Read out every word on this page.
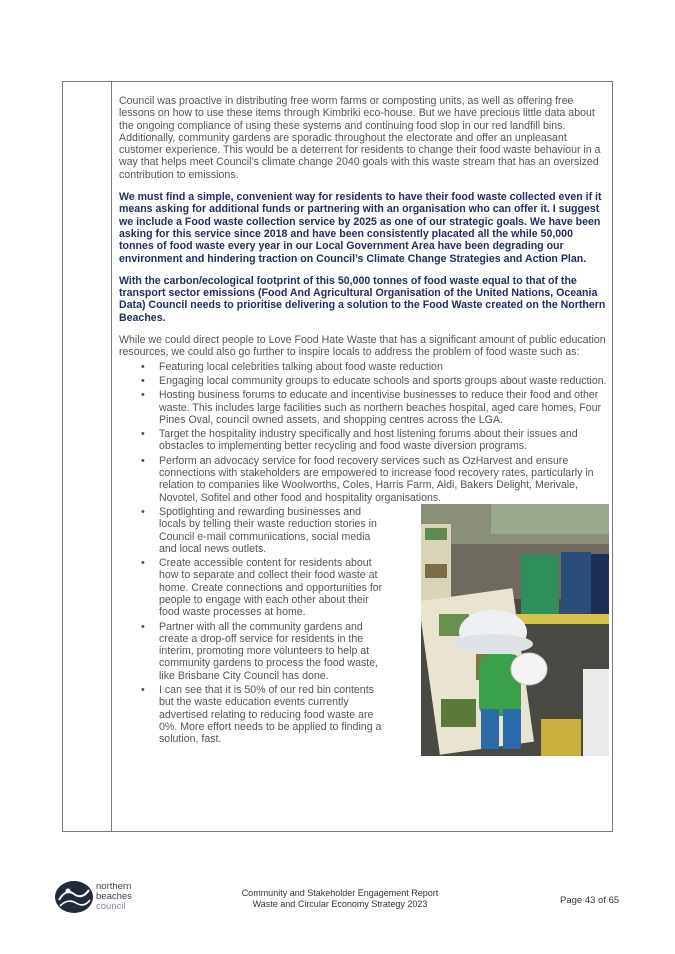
Council was proactive in distributing free worm farms or composting units, as well as offering free lessons on how to use these items through Kimbriki eco-house. But we have precious little data about the ongoing compliance of using these systems and continuing food slop in our red landfill bins. Additionally, community gardens are sporadic throughout the electorate and offer an unpleasant customer experience. This would be a deterrent for residents to change their food waste behaviour in a way that helps meet Council’s climate change 2040 goals with this waste stream that has an oversized contribution to emissions.

We must find a simple, convenient way for residents to have their food waste collected even if it means asking for additional funds or partnering with an organisation who can offer it. I suggest we include a Food waste collection service by 2025 as one of our strategic goals. We have been asking for this service since 2018 and have been consistently placated all the while 50,000 tonnes of food waste every year in our Local Government Area have been degrading our environment and hindering traction on Council’s Climate Change Strategies and Action Plan.

With the carbon/ecological footprint of this 50,000 tonnes of food waste equal to that of the transport sector emissions (Food And Agricultural Organisation of the United Nations, Oceania Data) Council needs to prioritise delivering a solution to the Food Waste created on the Northern Beaches.

While we could direct people to Love Food Hate Waste that has a significant amount of public education resources, we could also go further to inspire locals to address the problem of food waste such as:

• Featuring local celebrities talking about food waste reduction
• Engaging local community groups to educate schools and sports groups about waste reduction.
• Hosting business forums to educate and incentivise businesses to reduce their food and other waste. This includes large facilities such as northern beaches hospital, aged care homes, Four Pines Oval, council owned assets, and shopping centres across the LGA.
• Target the hospitality industry specifically and host listening forums about their issues and obstacles to implementing better recycling and food waste diversion programs.
• Perform an advocacy service for food recovery services such as OzHarvest and ensure connections with stakeholders are empowered to increase food recovery rates, particularly in relation to companies like Woolworths, Coles, Harris Farm, Aldi, Bakers Delight, Merivale, Novotel, Sofitel and other food and hospitality organisations.
• Spotlighting and rewarding businesses and locals by telling their waste reduction stories in Council e-mail communications, social media and local news outlets.
• Create accessible content for residents about how to separate and collect their food waste at home. Create connections and opportunities for people to engage with each other about their food waste processes at home.
• Partner with all the community gardens and create a drop-off service for residents in the interim, promoting more volunteers to help at community gardens to process the food waste, like Brisbane City Council has done.
• I can see that it is 50% of our red bin contents but the waste education events currently advertised relating to reducing food waste are 0%. More effort needs to be applied to finding a solution, fast.
northern
beaches
council
Community and Stakeholder Engagement Report
Waste and Circular Economy Strategy 2023	Page 43 of 65
